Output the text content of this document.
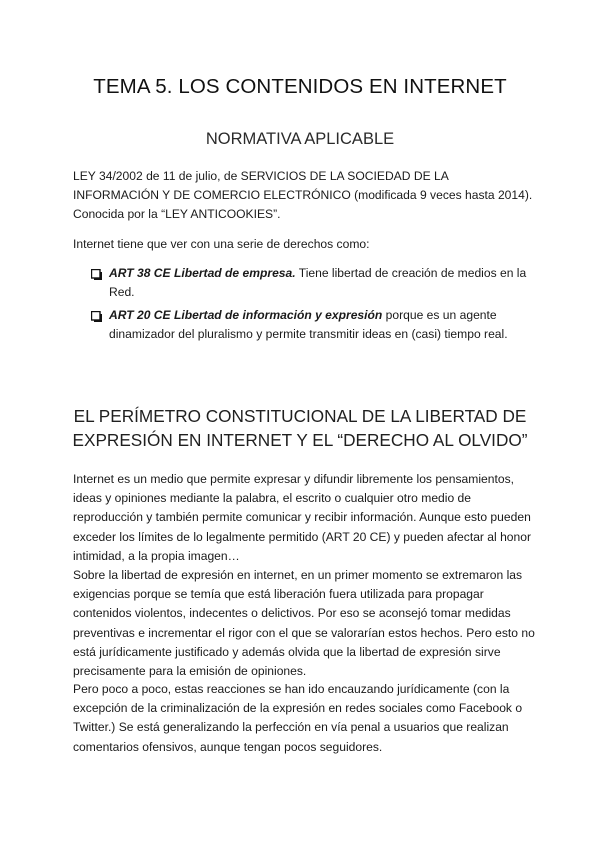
TEMA 5. LOS CONTENIDOS EN INTERNET
NORMATIVA APLICABLE

LEY 34/2002 de 11 de julio, de SERVICIOS DE LA SOCIEDAD DE LA INFORMACIÓN Y DE COMERCIO ELECTRÓNICO (modificada 9 veces hasta 2014). Conocida por la “LEY ANTICOOKIES”.

Internet tiene que ver con una serie de derechos como:

ART 38 CE Libertad de empresa. Tiene libertad de creación de medios en la Red.
ART 20 CE Libertad de información y expresión porque es un agente dinamizador del pluralismo y permite transmitir ideas en (casi) tiempo real.
EL PERÍMETRO CONSTITUCIONAL DE LA LIBERTAD DE EXPRESIÓN EN INTERNET Y EL “DERECHO AL OLVIDO”

Internet es un medio que permite expresar y difundir libremente los pensamientos, ideas y opiniones mediante la palabra, el escrito o cualquier otro medio de reproducción y también permite comunicar y recibir información. Aunque esto pueden exceder los límites de lo legalmente permitido (ART 20 CE) y pueden afectar al honor intimidad, a la propia imagen…

Sobre la libertad de expresión en internet, en un primer momento se extremaron las exigencias porque se temía que está liberación fuera utilizada para propagar contenidos violentos, indecentes o delictivos. Por eso se aconsejó tomar medidas preventivas e incrementar el rigor con el que se valorarían estos hechos. Pero esto no está jurídicamente justificado y además olvida que la libertad de expresión sirve precisamente para la emisión de opiniones.

Pero poco a poco, estas reacciones se han ido encauzando jurídicamente (con la excepción de la criminalización de la expresión en redes sociales como Facebook o Twitter.) Se está generalizando la perfección en vía penal a usuarios que realizan comentarios ofensivos, aunque tengan pocos seguidores.
